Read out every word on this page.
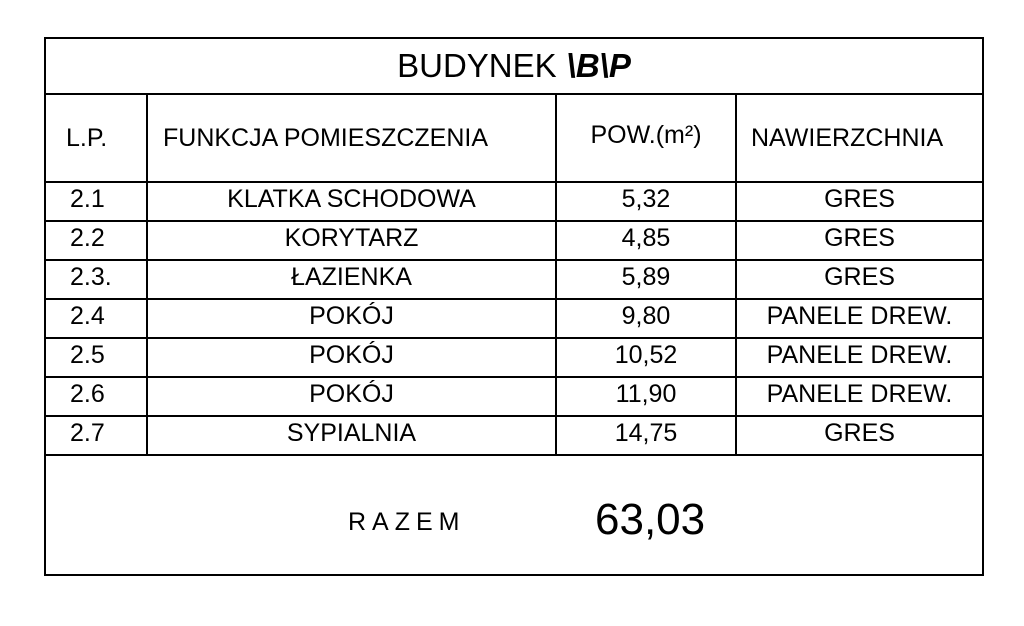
BUDYNEK \B\P
L.P.	FUNKCJA POMIESZCZENIA	POW.(m²)	NAWIERZCHNIA
2.1	KLATKA SCHODOWA	5,32	GRES
2.2	KORYTARZ	4,85	GRES
2.3.	ŁAZIENKA	5,89	GRES
2.4	POKÓJ	9,80	PANELE DREW.
2.5	POKÓJ	10,52	PANELE DREW.
2.6	POKÓJ	11,90	PANELE DREW.
2.7	SYPIALNIA	14,75	GRES
RAZEM	63,03
